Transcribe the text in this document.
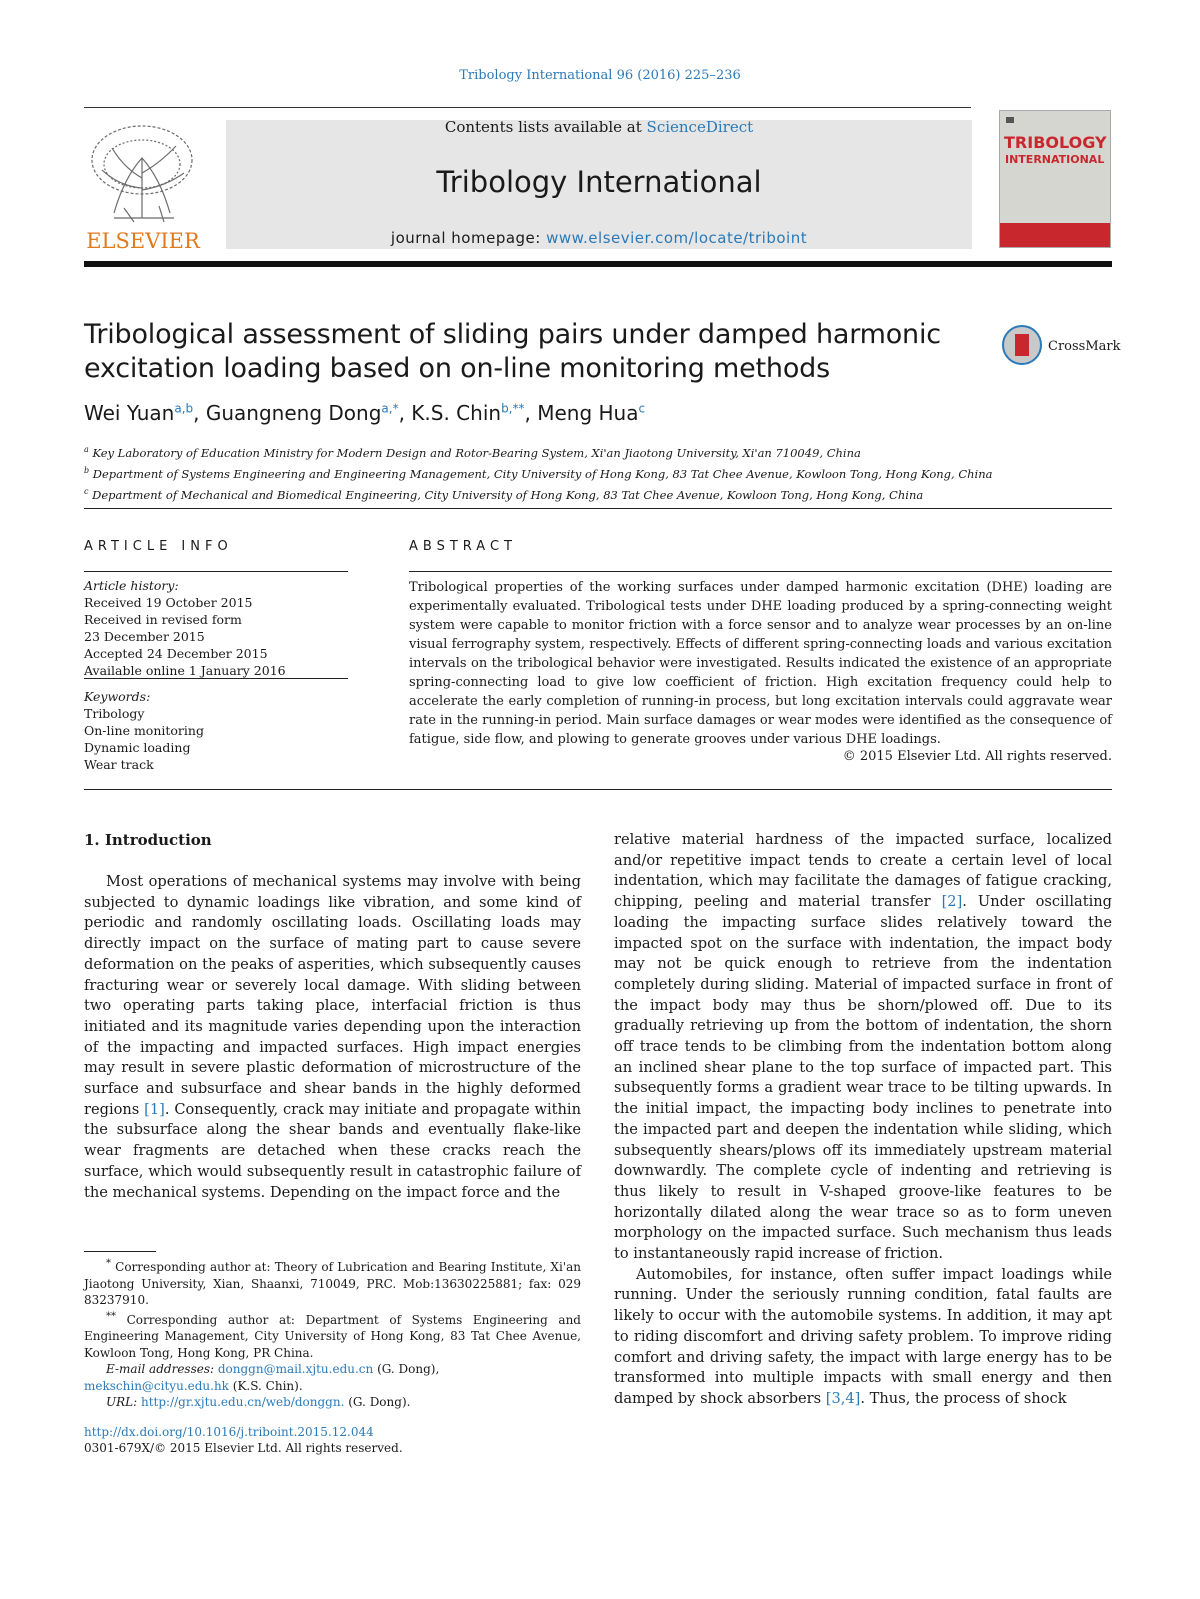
Tribology International 96 (2016) 225–236
ELSEVIER
Contents lists available at ScienceDirect
Tribology International
journal homepage: www.elsevier.com/locate/triboint
TRIBOLOGY
INTERNATIONAL
Tribological assessment of sliding pairs under damped harmonic excitation loading based on on-line monitoring methods
CrossMark
Wei Yuan$^{a,b}$, Guangneng Dong$^{a,*}$, K.S. Chin$^{b,**}$, Meng Hua$^c$
$^a$ Key Laboratory of Education Ministry for Modern Design and Rotor-Bearing System, Xi'an Jiaotong University, Xi'an 710049, China
$^b$ Department of Systems Engineering and Engineering Management, City University of Hong Kong, 83 Tat Chee Avenue, Kowloon Tong, Hong Kong, China
$^c$ Department of Mechanical and Biomedical Engineering, City University of Hong Kong, 83 Tat Chee Avenue, Kowloon Tong, Hong Kong, China
ARTICLE INFO
Article history:
Received 19 October 2015
Received in revised form
23 December 2015
Accepted 24 December 2015
Available online 1 January 2016
Keywords:
Tribology
On-line monitoring
Dynamic loading
Wear track
ABSTRACT
Tribological properties of the working surfaces under damped harmonic excitation (DHE) loading are experimentally evaluated. Tribological tests under DHE loading produced by a spring-connecting weight system were capable to monitor friction with a force sensor and to analyze wear processes by an on-line visual ferrography system, respectively. Effects of different spring-connecting loads and various excitation intervals on the tribological behavior were investigated. Results indicated the existence of an appropriate spring-connecting load to give low coefficient of friction. High excitation frequency could help to accelerate the early completion of running-in process, but long excitation intervals could aggravate wear rate in the running-in period. Main surface damages or wear modes were identified as the consequence of fatigue, side flow, and plowing to generate grooves under various DHE loadings.
© 2015 Elsevier Ltd. All rights reserved.
1. Introduction
Most operations of mechanical systems may involve with being subjected to dynamic loadings like vibration, and some kind of periodic and randomly oscillating loads. Oscillating loads may directly impact on the surface of mating part to cause severe deformation on the peaks of asperities, which subsequently causes fracturing wear or severely local damage. With sliding between two operating parts taking place, interfacial friction is thus initiated and its magnitude varies depending upon the interaction of the impacting and impacted surfaces. High impact energies may result in severe plastic deformation of microstructure of the surface and subsurface and shear bands in the highly deformed regions [1]. Consequently, crack may initiate and propagate within the subsurface along the shear bands and eventually flake-like wear fragments are detached when these cracks reach the surface, which would subsequently result in catastrophic failure of the mechanical systems. Depending on the impact force and the

relative material hardness of the impacted surface, localized and/or repetitive impact tends to create a certain level of local indentation, which may facilitate the damages of fatigue cracking, chipping, peeling and material transfer [2]. Under oscillating loading the impacting surface slides relatively toward the impacted spot on the surface with indentation, the impact body may not be quick enough to retrieve from the indentation completely during sliding. Material of impacted surface in front of the impact body may thus be shorn/plowed off. Due to its gradually retrieving up from the bottom of indentation, the shorn off trace tends to be climbing from the indentation bottom along an inclined shear plane to the top surface of impacted part. This subsequently forms a gradient wear trace to be tilting upwards. In the initial impact, the impacting body inclines to penetrate into the impacted part and deepen the indentation while sliding, which subsequently shears/plows off its immediately upstream material downwardly. The complete cycle of indenting and retrieving is thus likely to result in V-shaped groove-like features to be horizontally dilated along the wear trace so as to form uneven morphology on the impacted surface. Such mechanism thus leads to instantaneously rapid increase of friction.

Automobiles, for instance, often suffer impact loadings while running. Under the seriously running condition, fatal faults are likely to occur with the automobile systems. In addition, it may apt to riding discomfort and driving safety problem. To improve riding comfort and driving safety, the impact with large energy has to be transformed into multiple impacts with small energy and then damped by shock absorbers [3,4]. Thus, the process of shock

* Corresponding author at: Theory of Lubrication and Bearing Institute, Xi'an Jiaotong University, Xian, Shaanxi, 710049, PRC. Mob:13630225881; fax: 029 83237910.

** Corresponding author at: Department of Systems Engineering and Engineering Management, City University of Hong Kong, 83 Tat Chee Avenue, Kowloon Tong, Hong Kong, PR China.

E-mail addresses: donggn@mail.xjtu.edu.cn (G. Dong),

mekschin@cityu.edu.hk (K.S. Chin).

URL: http://gr.xjtu.edu.cn/web/donggn. (G. Dong).

http://dx.doi.org/10.1016/j.triboint.2015.12.044
0301-679X/© 2015 Elsevier Ltd. All rights reserved.
